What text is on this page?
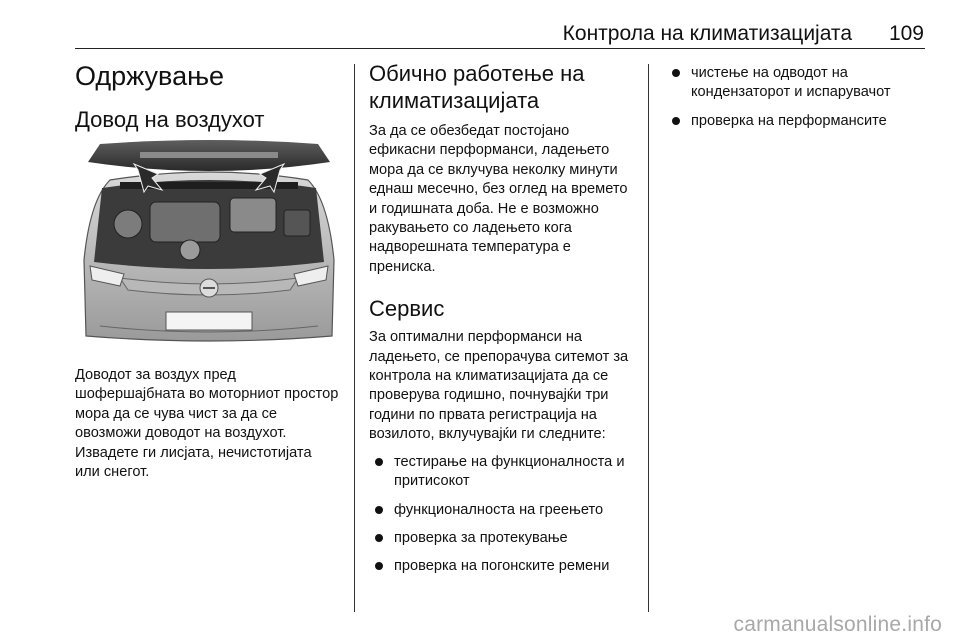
Контрола на климатизацијата 109
Одржување
Довод на воздухот

Доводот за воздух пред шофершајбната во моторниот простор мора да се чува чист за да се овозможи доводот на воздухот. Извадете ги лисјата, нечистотијата или снегот.

Обично работење на климатизацијата

За да се обезбедат постојано ефикасни перформанси, ладењето мора да се вклучува неколку минути еднаш месечно, без оглед на времето и годишната доба. Не е возможно ракувањето со ладењето кога надворешната температура е прениска.

Сервис

За оптимални перформанси на ладењето, се препорачува ситемот за контрола на климатизацијата да се проверува годишно, почнувајќи три години по првата регистрација на возилото, вклучувајќи ги следните:

тестирање на функционалноста и притисокот
функционалноста на греењето
проверка за протекување
проверка на погонските ремени
чистење на одводот на кондензаторот и испарувачот
проверка на перформансите
carmanualsonline.info
